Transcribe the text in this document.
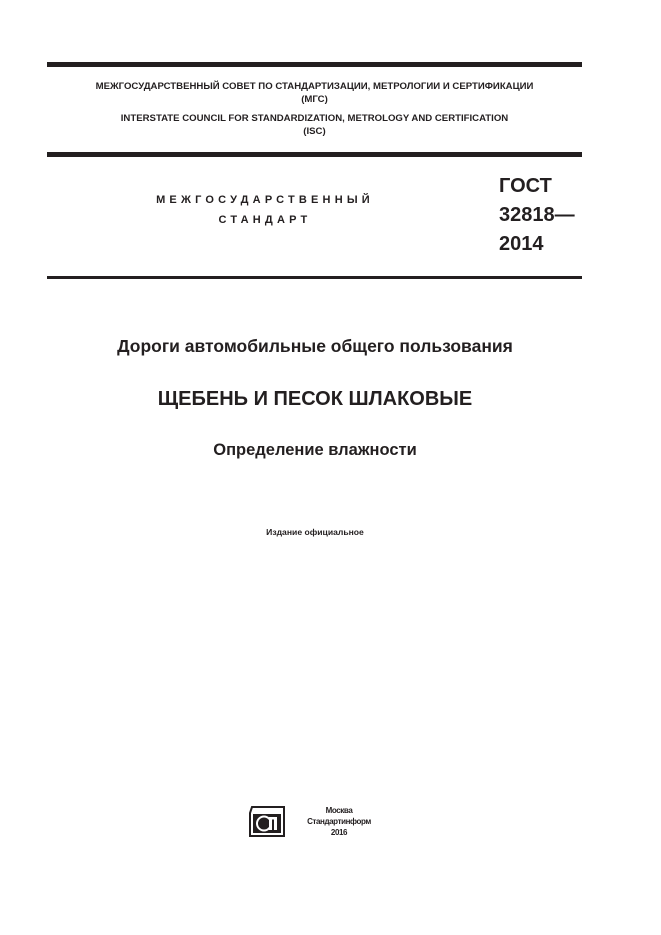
МЕЖГОСУДАРСТВЕННЫЙ СОВЕТ ПО СТАНДАРТИЗАЦИИ, МЕТРОЛОГИИ И СЕРТИФИКАЦИИ
(МГС)
INTERSTATE COUNCIL FOR STANDARDIZATION, METROLOGY AND CERTIFICATION
(ISC)
МЕЖГОСУДАРСТВЕННЫЙ
СТАНДАРТ
ГОСТ
32818—
2014
Дороги автомобильные общего пользования
ЩЕБЕНЬ И ПЕСОК ШЛАКОВЫЕ
Определение влажности
Издание официальное
Москва
Стандартинформ
2016
